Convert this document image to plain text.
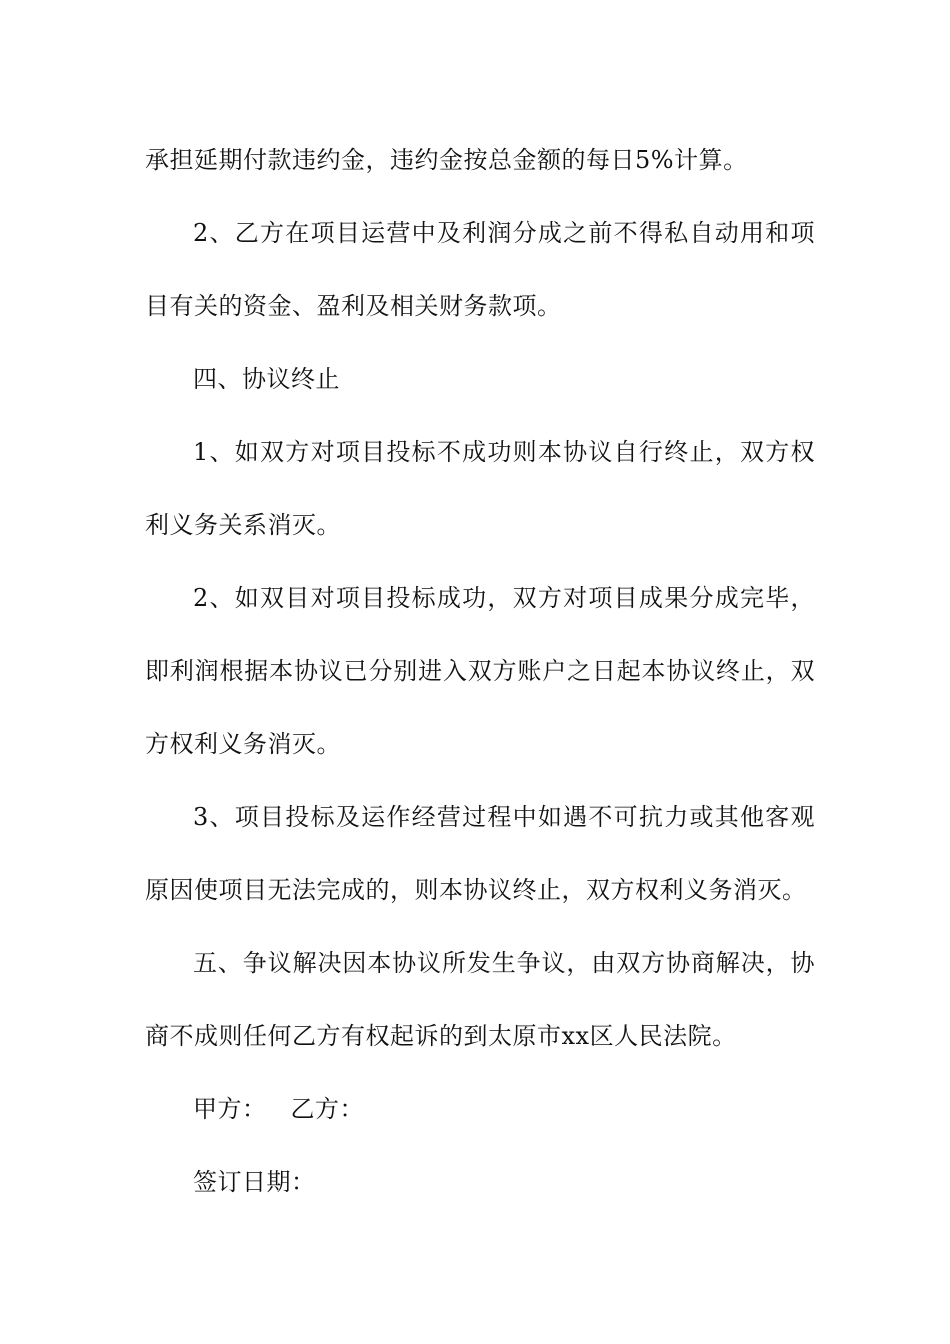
承担延期付款违约金，违约金按总金额的每日5%计算。

2、乙方在项目运营中及利润分成之前不得私自动用和项目有关的资金、盈利及相关财务款项。

四、协议终止

1、如双方对项目投标不成功则本协议自行终止，双方权利义务关系消灭。

2、如双目对项目投标成功，双方对项目成果分成完毕，即利润根据本协议已分别进入双方账户之日起本协议终止，双方权利义务消灭。

3、项目投标及运作经营过程中如遇不可抗力或其他客观原因使项目无法完成的，则本协议终止，双方权利义务消灭。

五、争议解决因本协议所发生争议，由双方协商解决，协商不成则任何乙方有权起诉的到太原市xx区人民法院。

甲方： 乙方：

签订日期：
